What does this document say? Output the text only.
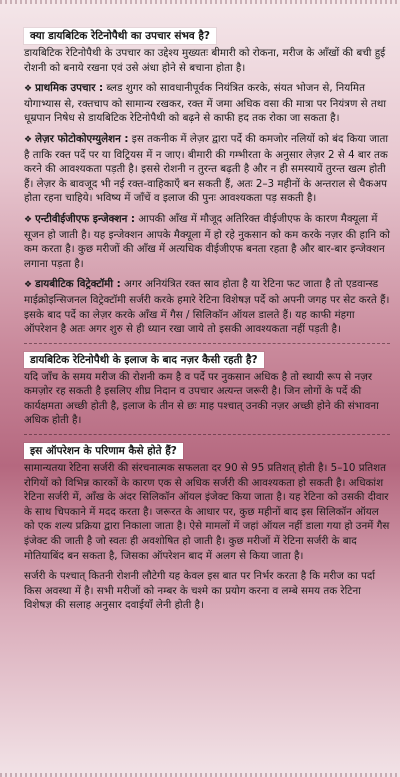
क्या डायबिटिक रेटिनोपैथी का उपचार संभव है?

डायबिटिक रेटिनोपैथी के उपचार का उद्देश्य मुख्यतः बीमारी को रोकना, मरीज के आँखों की बची हुई रोशनी को बनाये रखना एवं उसे अंधा होने से बचाना होता है।

❖ प्राथमिक उपचार : ब्लड शुगर को सावधानीपूर्वक नियंत्रित करके, संयत भोजन से, नियमित योगाभ्यास से, रक्तचाप को सामान्य रखकर, रक्त में जमा अधिक वसा की मात्रा पर नियंत्रण से तथा धूम्रपान निषेध से डायबिटिक रेटिनोपैथी को बढ़ने से काफी हद तक रोका जा सकता है।

❖ लेज़र फोटोकोएग्युलेशन : इस तकनीक में लेज़र द्वारा पर्दे की कमजोर नलियों को बंद किया जाता है ताकि रक्त पर्दे पर या विट्रियस में न जाए। बीमारी की गम्भीरता के अनुसार लेज़र 2 से 4 बार तक करने की आवश्यकता पड़ती है। इससे रोशनी न तुरन्त बढ़ती है और न ही समस्यायें तुरन्त खत्म होती हैं। लेज़र के बावजूद भी नई रक्त-वाहिकाएँ बन सकती हैं, अतः 2–3 महीनों के अन्तराल से चैकअप होता रहना चाहिये। भविष्य में जाँचें व इलाज की पुनः आवश्यकता पड़ सकती है।

❖ एन्टीवीईजीएफ इन्जेक्शन : आपकी आँख में मौजूद अतिरिक्त वीईजीएफ के कारण मैक्यूला में सूजन हो जाती है। यह इन्जेक्शन आपके मैक्यूला में हो रहे नुकसान को कम करके नज़र की हानि को कम करता है। कुछ मरीजों की आँख में अत्यधिक वीईजीएफ बनता रहता है और बार-बार इन्जेक्शन लगाना पड़ता है।

❖ डायबीटिक विट्रेक्टॉमी : अगर अनियंत्रित रक्त स्राव होता है या रेटिना फट जाता है तो एडवान्स्ड माईक्रोइन्सिजनल विट्रेक्टॉमी सर्जरी करके हमारे रेटिना विशेषज्ञ पर्दे को अपनी जगह पर सेट करते हैं। इसके बाद पर्दे का लेज़र करके आँख में गैस / सिलिकॉन ऑयल डालते हैं। यह काफी मंहगा ऑपरेशन है अतः अगर शुरु से ही ध्यान रखा जाये तो इसकी आवश्यकता नहीं पड़ती है।

डायबिटिक रेटिनोपैथी के इलाज के बाद नज़र कैसी रहती है?

यदि जाँच के समय मरीज की रोशनी कम है व पर्दे पर नुकसान अधिक है तो स्थायी रूप से नज़र कमज़ोर रह सकती है इसलिए शीघ्र निदान व उपचार अत्यन्त जरूरी है। जिन लोगों के पर्दे की कार्यक्षमता अच्छी होती है, इलाज के तीन से छः माह पश्चात् उनकी नज़र अच्छी होने की संभावना अधिक होती है।

इस ऑपरेशन के परिणाम कैसे होते हैं?

सामान्यतया रेटिना सर्जरी की संरचनात्मक सफलता दर 90 से 95 प्रतिशत् होती है। 5–10 प्रतिशत रोगियों को विभिन्न कारकों के कारण एक से अधिक सर्जरी की आवश्यकता हो सकती है। अधिकांश रेटिना सर्जरी में, आँख के अंदर सिलिकॉन ऑयल इंजेक्ट किया जाता है। यह रेटिना को उसकी दीवार के साथ चिपकाने में मदद करता है। जरूरत के आधार पर, कुछ महीनों बाद इस सिलिकॉन ऑयल को एक शल्य प्रक्रिया द्वारा निकाला जाता है। ऐसे मामलों में जहां ऑयल नहीं डाला गया हो उनमें गैस इंजेक्ट की जाती है जो स्वतः ही अवशोषित हो जाती है। कुछ मरीजों में रेटिना सर्जरी के बाद मोतियाबिंद बन सकता है, जिसका ऑपरेशन बाद में अलग से किया जाता है।

सर्जरी के पश्चात् कितनी रोशनी लौटेगी यह केवल इस बात पर निर्भर करता है कि मरीज का पर्दा किस अवस्था में है। सभी मरीजों को नम्बर के चश्मे का प्रयोग करना व लम्बे समय तक रेटिना विशेषज्ञ की सलाह अनुसार दवाईयाँ लेनी होती है।
